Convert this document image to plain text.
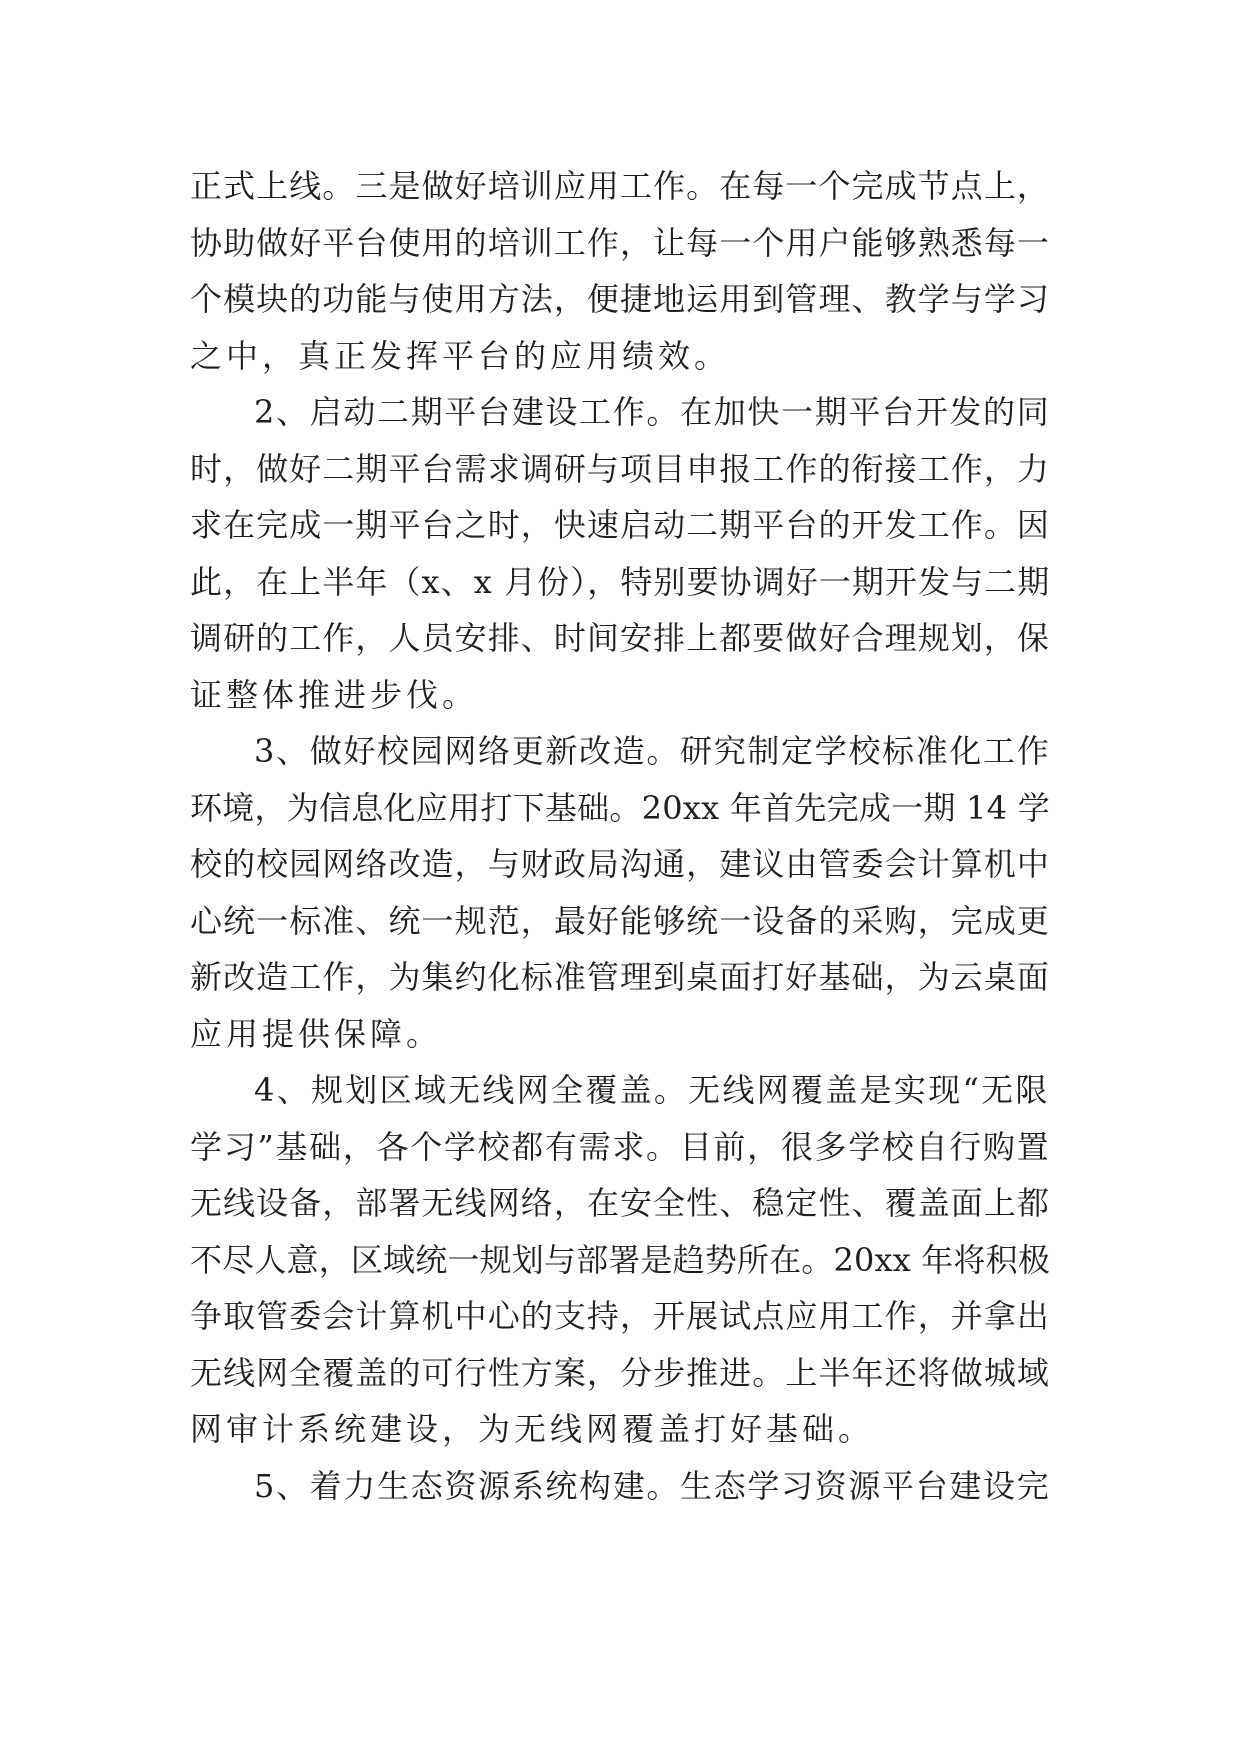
正式上线。三是做好培训应用工作。在每一个完成节点上，
协助做好平台使用的培训工作，让每一个用户能够熟悉每一
个模块的功能与使用方法，便捷地运用到管理、教学与学习
之中，真正发挥平台的应用绩效。
2、启动二期平台建设工作。在加快一期平台开发的同
时，做好二期平台需求调研与项目申报工作的衔接工作，力
求在完成一期平台之时，快速启动二期平台的开发工作。因
此，在上半年（x、x 月份），特别要协调好一期开发与二期
调研的工作，人员安排、时间安排上都要做好合理规划，保
证整体推进步伐。
3、做好校园网络更新改造。研究制定学校标准化工作
环境，为信息化应用打下基础。20xx 年首先完成一期 14 学
校的校园网络改造，与财政局沟通，建议由管委会计算机中
心统一标准、统一规范，最好能够统一设备的采购，完成更
新改造工作，为集约化标准管理到桌面打好基础，为云桌面
应用提供保障。
4、规划区域无线网全覆盖。无线网覆盖是实现“无限
学习”基础，各个学校都有需求。目前，很多学校自行购置
无线设备，部署无线网络，在安全性、稳定性、覆盖面上都
不尽人意，区域统一规划与部署是趋势所在。20xx 年将积极
争取管委会计算机中心的支持，开展试点应用工作，并拿出
无线网全覆盖的可行性方案，分步推进。上半年还将做城域
网审计系统建设，为无线网覆盖打好基础。
5、着力生态资源系统构建。生态学习资源平台建设完
